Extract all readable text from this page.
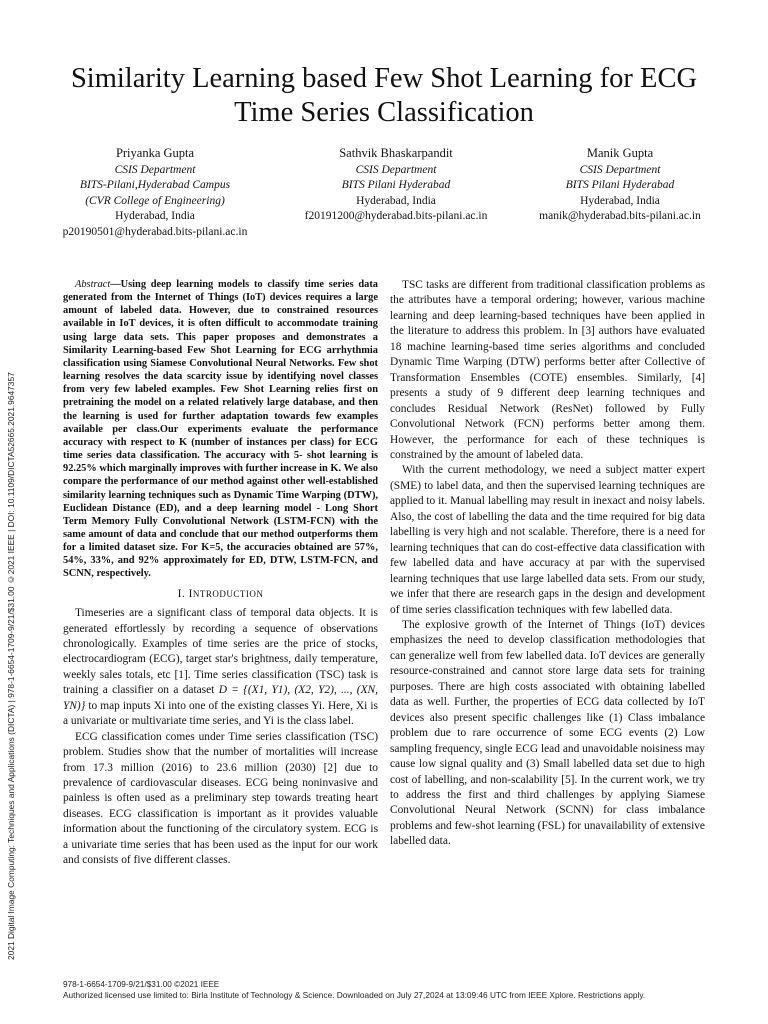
2021 Digital Image Computing: Techniques and Applications (DICTA) | 978-1-6654-1709-9/21/$31.00 ©2021 IEEE | DOI: 10.1109/DICTA52665.2021.9647357
Similarity Learning based Few Shot Learning for ECG Time Series Classification
Priyanka Gupta
CSIS Department
BITS-Pilani,Hyderabad Campus
(CVR College of Engineering)
Hyderabad, India
p20190501@hyderabad.bits-pilani.ac.in
Sathvik Bhaskarpandit
CSIS Department
BITS Pilani Hyderabad
Hyderabad, India
f20191200@hyderabad.bits-pilani.ac.in
Manik Gupta
CSIS Department
BITS Pilani Hyderabad
Hyderabad, India
manik@hyderabad.bits-pilani.ac.in

Abstract—Using deep learning models to classify time series data generated from the Internet of Things (IoT) devices requires a large amount of labeled data. However, due to constrained resources available in IoT devices, it is often difficult to accommodate training using large data sets. This paper proposes and demonstrates a Similarity Learning-based Few Shot Learning for ECG arrhythmia classification using Siamese Convolutional Neural Networks. Few shot learning resolves the data scarcity issue by identifying novel classes from very few labeled examples. Few Shot Learning relies first on pretraining the model on a related relatively large database, and then the learning is used for further adaptation towards few examples available per class.Our experiments evaluate the performance accuracy with respect to K (number of instances per class) for ECG time series data classification. The accuracy with 5- shot learning is 92.25% which marginally improves with further increase in K. We also compare the performance of our method against other well-established similarity learning techniques such as Dynamic Time Warping (DTW), Euclidean Distance (ED), and a deep learning model - Long Short Term Memory Fully Convolutional Network (LSTM-FCN) with the same amount of data and conclude that our method outperforms them for a limited dataset size. For K=5, the accuracies obtained are 57%, 54%, 33%, and 92% approximately for ED, DTW, LSTM-FCN, and SCNN, respectively.

I. INTRODUCTION

Timeseries are a significant class of temporal data objects. It is generated effortlessly by recording a sequence of observations chronologically. Examples of time series are the price of stocks, electrocardiogram (ECG), target star's brightness, daily temperature, weekly sales totals, etc [1]. Time series classification (TSC) task is training a classifier on a dataset D = {(X1, Y1), (X2, Y2), ..., (XN, YN)} to map inputs Xi into one of the existing classes Yi. Here, Xi is a univariate or multivariate time series, and Yi is the class label.

ECG classification comes under Time series classification (TSC) problem. Studies show that the number of mortalities will increase from 17.3 million (2016) to 23.6 million (2030) [2] due to prevalence of cardiovascular diseases. ECG being noninvasive and painless is often used as a preliminary step towards treating heart diseases. ECG classification is important as it provides valuable information about the functioning of the circulatory system. ECG is a univariate time series that has been used as the input for our work and consists of five different classes.

TSC tasks are different from traditional classification problems as the attributes have a temporal ordering; however, various machine learning and deep learning-based techniques have been applied in the literature to address this problem. In [3] authors have evaluated 18 machine learning-based time series algorithms and concluded Dynamic Time Warping (DTW) performs better after Collective of Transformation Ensembles (COTE) ensembles. Similarly, [4] presents a study of 9 different deep learning techniques and concludes Residual Network (ResNet) followed by Fully Convolutional Network (FCN) performs better among them. However, the performance for each of these techniques is constrained by the amount of labeled data.

With the current methodology, we need a subject matter expert (SME) to label data, and then the supervised learning techniques are applied to it. Manual labelling may result in inexact and noisy labels. Also, the cost of labelling the data and the time required for big data labelling is very high and not scalable. Therefore, there is a need for learning techniques that can do cost-effective data classification with few labelled data and have accuracy at par with the supervised learning techniques that use large labelled data sets. From our study, we infer that there are research gaps in the design and development of time series classification techniques with few labelled data.

The explosive growth of the Internet of Things (IoT) devices emphasizes the need to develop classification methodologies that can generalize well from few labelled data. IoT devices are generally resource-constrained and cannot store large data sets for training purposes. There are high costs associated with obtaining labelled data as well. Further, the properties of ECG data collected by IoT devices also present specific challenges like (1) Class imbalance problem due to rare occurrence of some ECG events (2) Low sampling frequency, single ECG lead and unavoidable noisiness may cause low signal quality and (3) Small labelled data set due to high cost of labelling, and non-scalability [5]. In the current work, we try to address the first and third challenges by applying Siamese Convolutional Neural Network (SCNN) for class imbalance problems and few-shot learning (FSL) for unavailability of extensive labelled data.

978-1-6654-1709-9/21/$31.00 ©2021 IEEE
Authorized licensed use limited to: Birla Institute of Technology & Science. Downloaded on July 27,2024 at 13:09:46 UTC from IEEE Xplore. Restrictions apply.
